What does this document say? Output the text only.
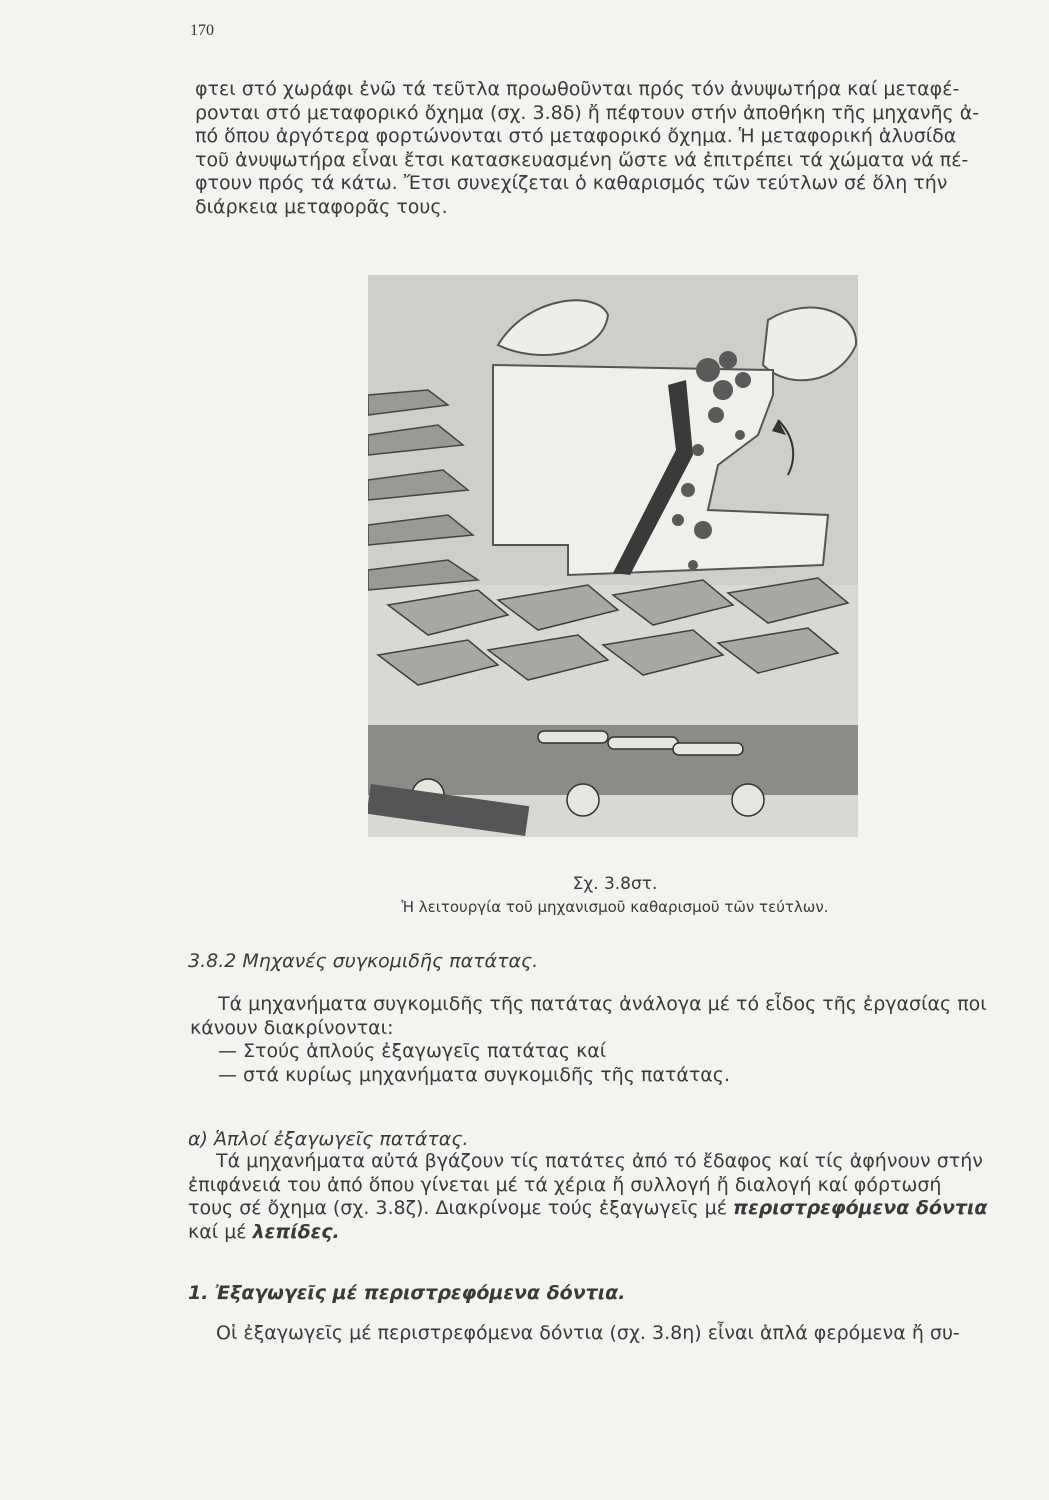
170
φτει στό χωράφι ἐνῶ τά τεῦτλα προωθοῦνται πρός τόν ἀνυψωτήρα καί μεταφέ-
ρονται στό μεταφορικό ὄχημα (σχ. 3.8δ) ἤ πέφτουν στήν ἀποθήκη τῆς μηχανῆς ἀ-
πό ὅπου ἀργότερα φορτώνονται στό μεταφορικό ὄχημα. Ἡ μεταφορική ἁλυσίδα
τοῦ ἀνυψωτήρα εἶναι ἔτσι κατασκευασμένη ὥστε νά ἐπιτρέπει τά χώματα νά πέ-
φτουν πρός τά κάτω. Ἔτσι συνεχίζεται ὁ καθαρισμός τῶν τεύτλων σέ ὅλη τήν
διάρκεια μεταφορᾶς τους.
Σχ. 3.8στ.
Ἡ λειτουργία τοῦ μηχανισμοῦ καθαρισμοῦ τῶν τεύτλων.
3.8.2 Μηχανές συγκομιδῆς πατάτας.
Τά μηχανήματα συγκομιδῆς τῆς πατάτας ἀνάλογα μέ τό εἶδος τῆς ἐργασίας ποι
κάνουν διακρίνονται:
— Στούς ἁπλούς ἐξαγωγεῖς πατάτας καί
— στά κυρίως μηχανήματα συγκομιδῆς τῆς πατάτας.
α) Ἁπλοί ἐξαγωγεῖς πατάτας.
Τά μηχανήματα αὐτά βγάζουν τίς πατάτες ἀπό τό ἔδαφος καί τίς ἀφήνουν στήν
ἐπιφάνειά του ἀπό ὅπου γίνεται μέ τά χέρια ἤ συλλογή ἤ διαλογή καί φόρτωσή
τους σέ ὄχημα (σχ. 3.8ζ). Διακρίνομε τούς ἐξαγωγεῖς μέ περιστρεφόμενα δόντια
καί μέ λεπίδες.
1. Ἐξαγωγεῖς μέ περιστρεφόμενα δόντια.
Οἱ ἐξαγωγεῖς μέ περιστρεφόμενα δόντια (σχ. 3.8η) εἶναι ἁπλά φερόμενα ἤ συ-
